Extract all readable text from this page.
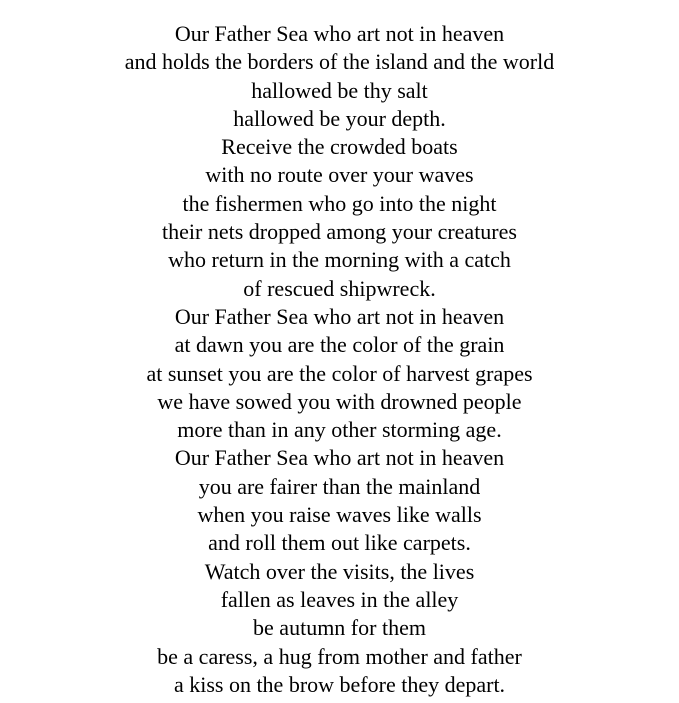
Our Father Sea who art not in heaven
and holds the borders of the island and the world
hallowed be thy salt
hallowed be your depth.
Receive the crowded boats
with no route over your waves
the fishermen who go into the night
their nets dropped among your creatures
who return in the morning with a catch
of rescued shipwreck.
Our Father Sea who art not in heaven
at dawn you are the color of the grain
at sunset you are the color of harvest grapes
we have sowed you with drowned people
more than in any other storming age.
Our Father Sea who art not in heaven
you are fairer than the mainland
when you raise waves like walls
and roll them out like carpets.
Watch over the visits, the lives
fallen as leaves in the alley
be autumn for them
be a caress, a hug from mother and father
a kiss on the brow before they depart.
